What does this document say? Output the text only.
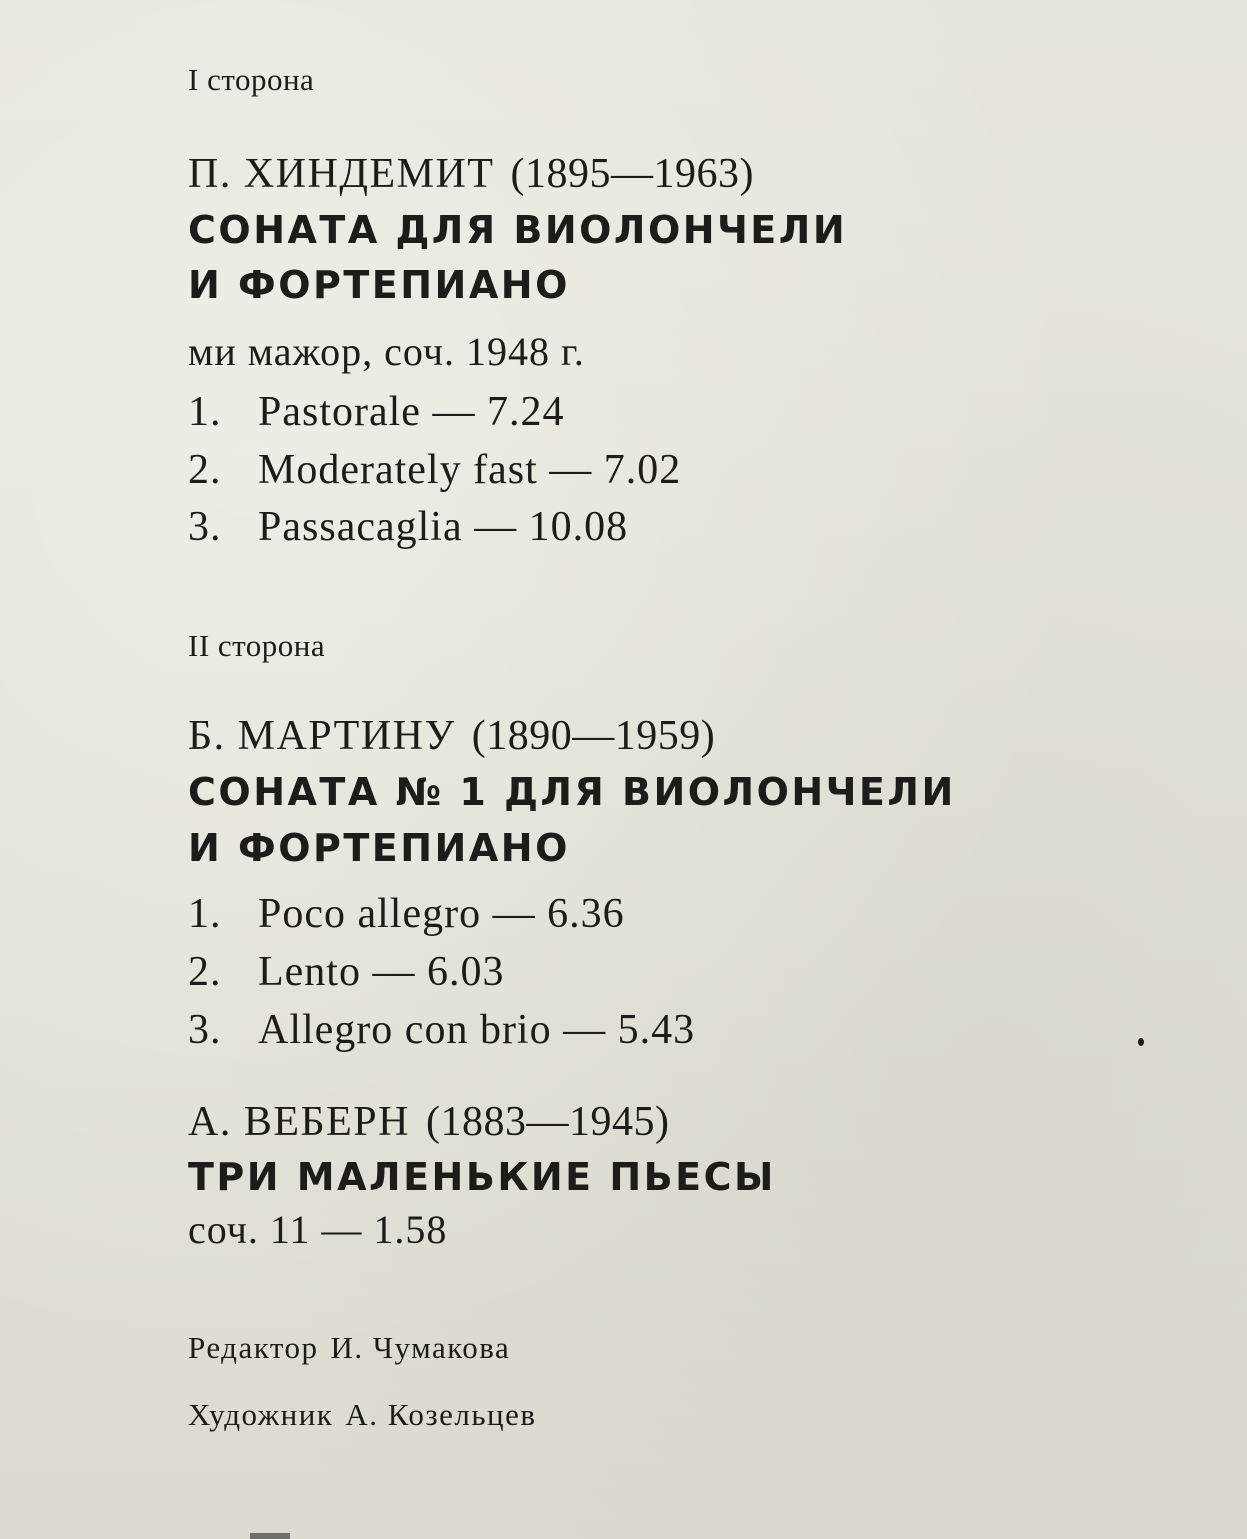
I сторона
П. ХИНДЕМИТ (1895—1963)
СОНАТА ДЛЯ ВИОЛОНЧЕЛИ
И ФОРТЕПИАНО
ми мажор, соч. 1948 г.
1. Pastorale — 7.24
2. Moderately fast — 7.02
3. Passacaglia — 10.08
II сторона
Б. МАРТИНУ (1890—1959)
СОНАТА № 1 ДЛЯ ВИОЛОНЧЕЛИ
И ФОРТЕПИАНО
1. Poco allegro — 6.36
2. Lento — 6.03
3. Allegro con brio — 5.43
А. ВЕБЕРН (1883—1945)
ТРИ МАЛЕНЬКИЕ ПЬЕСЫ
соч. 11 — 1.58
Редактор И. Чумакова
Художник А. Козельцев
